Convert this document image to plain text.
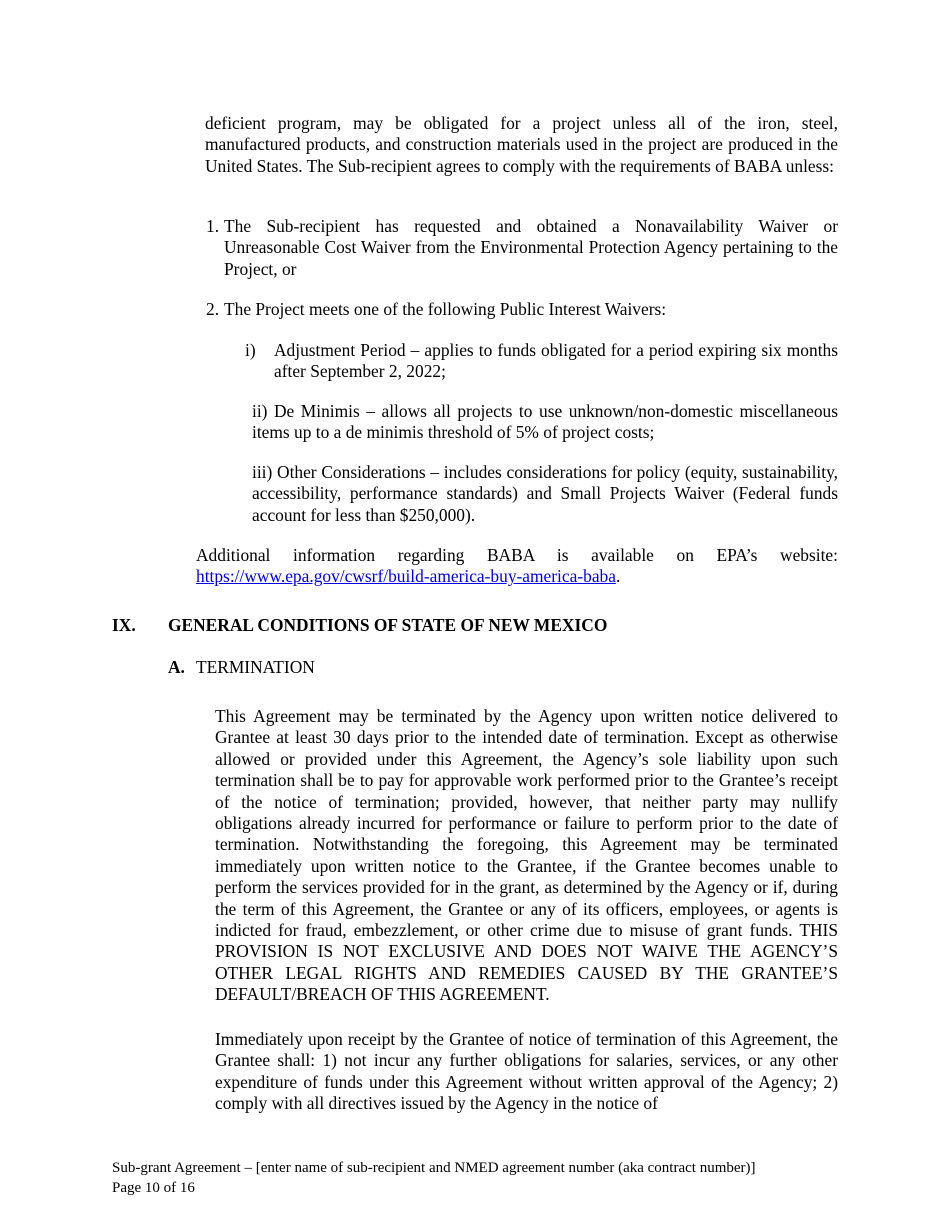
deficient program, may be obligated for a project unless all of the iron, steel, manufactured products, and construction materials used in the project are produced in the United States. The Sub-recipient agrees to comply with the requirements of BABA unless:

1. The Sub-recipient has requested and obtained a Nonavailability Waiver or Unreasonable Cost Waiver from the Environmental Protection Agency pertaining to the Project, or

2. The Project meets one of the following Public Interest Waivers:

i) Adjustment Period – applies to funds obligated for a period expiring six months after September 2, 2022;

ii) De Minimis – allows all projects to use unknown/non-domestic miscellaneous items up to a de minimis threshold of 5% of project costs;

iii) Other Considerations – includes considerations for policy (equity, sustainability, accessibility, performance standards) and Small Projects Waiver (Federal funds account for less than $250,000).

Additional information regarding BABA is available on EPA’s website:
https://www.epa.gov/cwsrf/build-america-buy-america-baba.
IX. GENERAL CONDITIONS OF STATE OF NEW MEXICO
A. TERMINATION

This Agreement may be terminated by the Agency upon written notice delivered to Grantee at least 30 days prior to the intended date of termination. Except as otherwise allowed or provided under this Agreement, the Agency’s sole liability upon such termination shall be to pay for approvable work performed prior to the Grantee’s receipt of the notice of termination; provided, however, that neither party may nullify obligations already incurred for performance or failure to perform prior to the date of termination. Notwithstanding the foregoing, this Agreement may be terminated immediately upon written notice to the Grantee, if the Grantee becomes unable to perform the services provided for in the grant, as determined by the Agency or if, during the term of this Agreement, the Grantee or any of its officers, employees, or agents is indicted for fraud, embezzlement, or other crime due to misuse of grant funds. THIS PROVISION IS NOT EXCLUSIVE AND DOES NOT WAIVE THE AGENCY’S OTHER LEGAL RIGHTS AND REMEDIES CAUSED BY THE GRANTEE’S DEFAULT/BREACH OF THIS AGREEMENT.

Immediately upon receipt by the Grantee of notice of termination of this Agreement, the Grantee shall: 1) not incur any further obligations for salaries, services, or any other expenditure of funds under this Agreement without written approval of the Agency; 2) comply with all directives issued by the Agency in the notice of

Sub-grant Agreement – [enter name of sub-recipient and NMED agreement number (aka contract number)]
Page 10 of 16
